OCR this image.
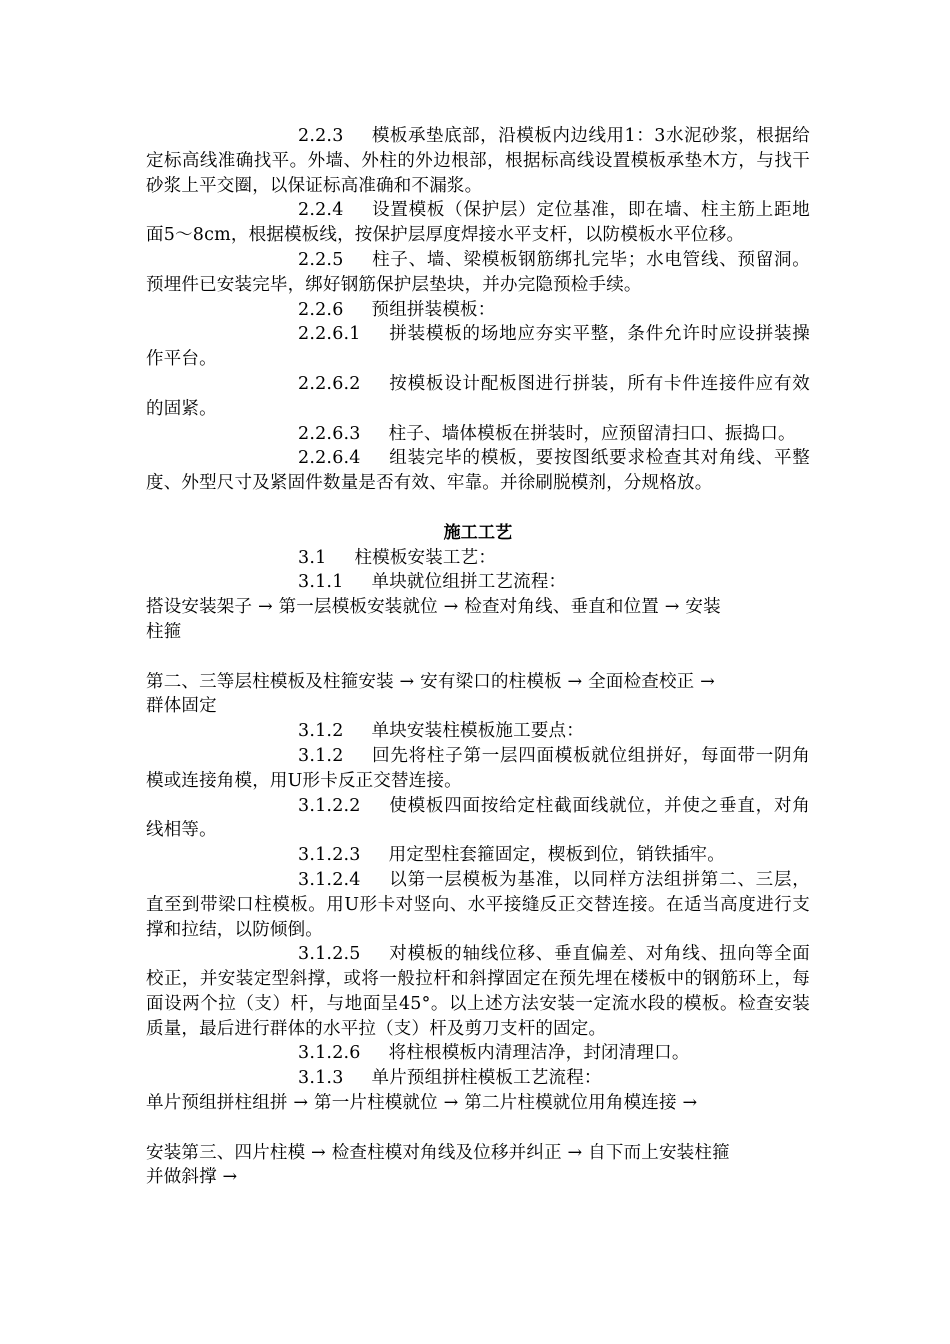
2.2.3 模板承垫底部，沿模板内边线用1：3水泥砂浆，根据给定标高线准确找平。外墙、外柱的外边根部，根据标高线设置模板承垫木方，与找干砂浆上平交圈，以保证标高准确和不漏浆。

2.2.4 设置模板（保护层）定位基准，即在墙、柱主筋上距地面5～8cm，根据模板线，按保护层厚度焊接水平支杆，以防模板水平位移。

2.2.5 柱子、墙、梁模板钢筋绑扎完毕；水电管线、预留洞。预埋件已安装完毕，绑好钢筋保护层垫块，并办完隐预检手续。

2.2.6 预组拼装模板：

2.2.6.1 拼装模板的场地应夯实平整，条件允许时应设拼装操作平台。

2.2.6.2 按模板设计配板图进行拼装，所有卡件连接件应有效的固紧。

2.2.6.3 柱子、墙体模板在拼装时，应预留清扫口、振捣口。

2.2.6.4 组装完毕的模板，要按图纸要求检查其对角线、平整度、外型尺寸及紧固件数量是否有效、牢靠。并徐刷脱模剂，分规格放。

施工工艺

3.1 柱模板安装工艺：

3.1.1 单块就位组拼工艺流程：

搭设安装架子 → 第一层模板安装就位 → 检查对角线、垂直和位置 → 安装

柱箍

第二、三等层柱模板及柱箍安装 → 安有梁口的柱模板 → 全面检查校正 →

群体固定

3.1.2 单块安装柱模板施工要点：

3.1.2 回先将柱子第一层四面模板就位组拼好，每面带一阴角模或连接角模，用U形卡反正交替连接。

3.1.2.2 使模板四面按给定柱截面线就位，并使之垂直，对角线相等。

3.1.2.3 用定型柱套箍固定，楔板到位，销铁插牢。

3.1.2.4 以第一层模板为基准，以同样方法组拼第二、三层，直至到带梁口柱模板。用U形卡对竖向、水平接缝反正交替连接。在适当高度进行支撑和拉结，以防倾倒。

3.1.2.5 对模板的轴线位移、垂直偏差、对角线、扭向等全面校正，并安装定型斜撑，或将一般拉杆和斜撑固定在预先埋在楼板中的钢筋环上，每面设两个拉（支）杆，与地面呈45°。以上述方法安装一定流水段的模板。检查安装质量，最后进行群体的水平拉（支）杆及剪刀支杆的固定。

3.1.2.6 将柱根模板内清理洁净，封闭清理口。

3.1.3 单片预组拼柱模板工艺流程：

单片预组拼柱组拼 → 第一片柱模就位 → 第二片柱模就位用角模连接 →

安装第三、四片柱模 → 检查柱模对角线及位移并纠正 → 自下而上安装柱箍

并做斜撑 →
